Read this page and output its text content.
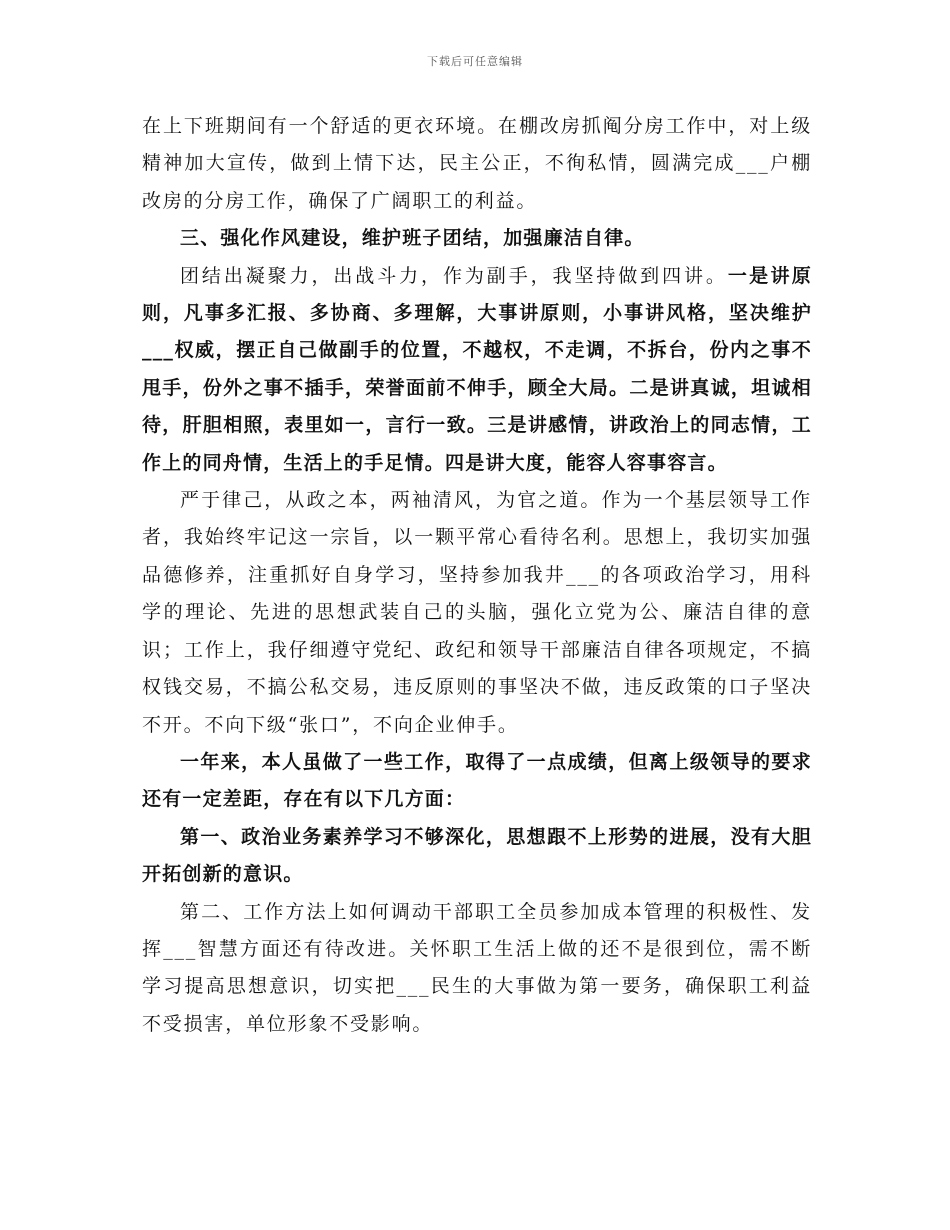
下载后可任意编辑

在上下班期间有一个舒适的更衣环境。在棚改房抓阄分房工作中，对上级精神加大宣传，做到上情下达，民主公正，不徇私情，圆满完成___户棚改房的分房工作，确保了广阔职工的利益。

三、强化作风建设，维护班子团结，加强廉洁自律。

团结出凝聚力，出战斗力，作为副手，我坚持做到四讲。一是讲原则，凡事多汇报、多协商、多理解，大事讲原则，小事讲风格，坚决维护___权威，摆正自己做副手的位置，不越权，不走调，不拆台，份内之事不甩手，份外之事不插手，荣誉面前不伸手，顾全大局。二是讲真诚，坦诚相待，肝胆相照，表里如一，言行一致。三是讲感情，讲政治上的同志情，工作上的同舟情，生活上的手足情。四是讲大度，能容人容事容言。

严于律己，从政之本，两袖清风，为官之道。作为一个基层领导工作者，我始终牢记这一宗旨，以一颗平常心看待名利。思想上，我切实加强品德修养，注重抓好自身学习，坚持参加我井___的各项政治学习，用科学的理论、先进的思想武装自己的头脑，强化立党为公、廉洁自律的意识；工作上，我仔细遵守党纪、政纪和领导干部廉洁自律各项规定，不搞权钱交易，不搞公私交易，违反原则的事坚决不做，违反政策的口子坚决不开。不向下级“张口”，不向企业伸手。

一年来，本人虽做了一些工作，取得了一点成绩，但离上级领导的要求还有一定差距，存在有以下几方面：

第一、政治业务素养学习不够深化，思想跟不上形势的进展，没有大胆开拓创新的意识。

第二、工作方法上如何调动干部职工全员参加成本管理的积极性、发挥___智慧方面还有待改进。关怀职工生活上做的还不是很到位，需不断学习提高思想意识，切实把___民生的大事做为第一要务，确保职工利益不受损害，单位形象不受影响。
